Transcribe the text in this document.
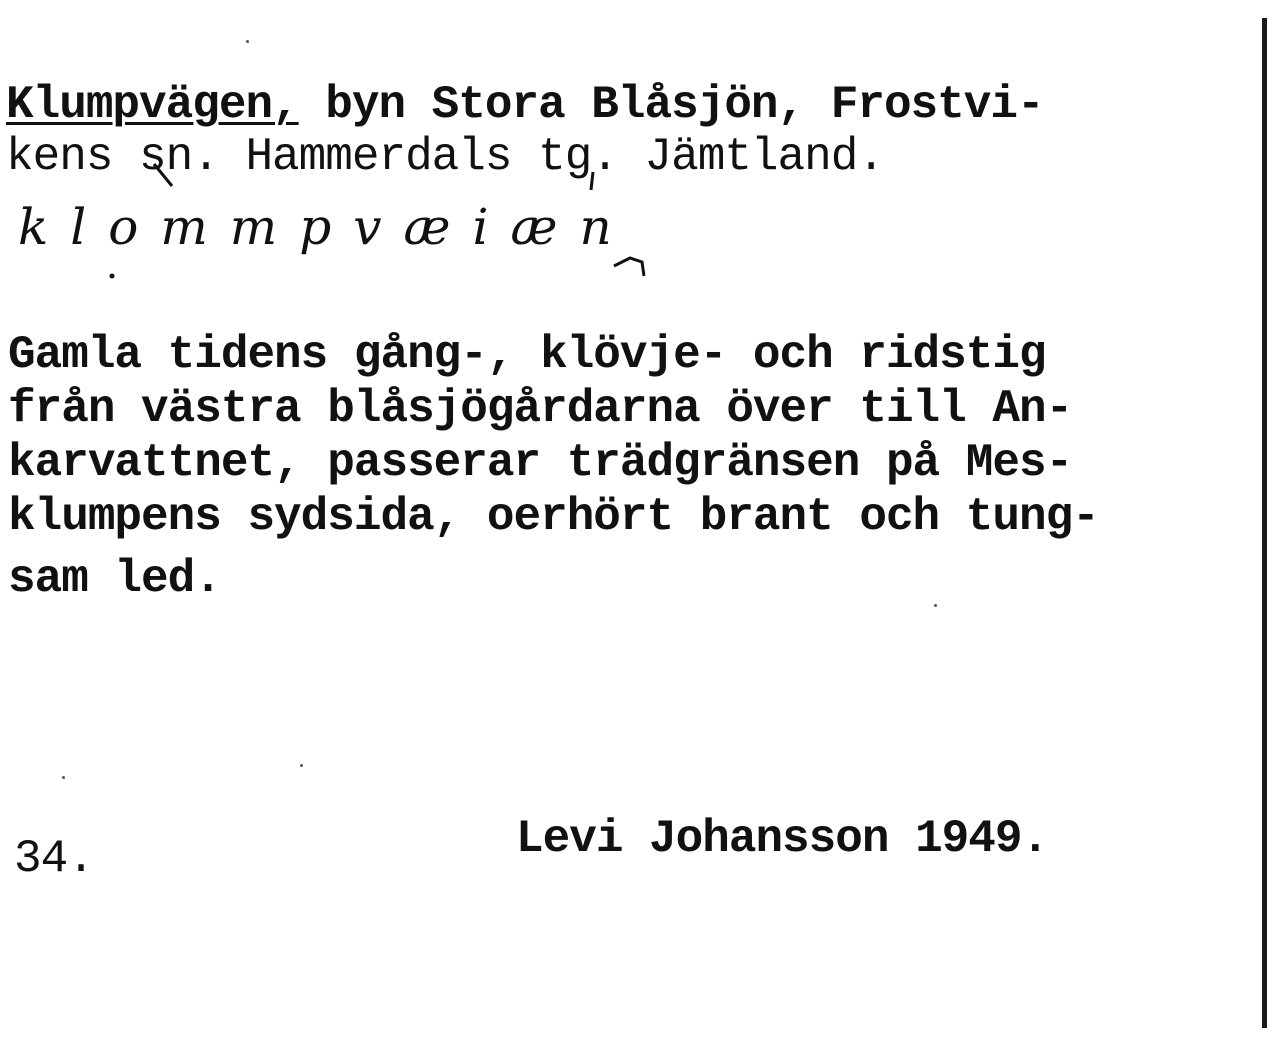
Klumpvägen, byn Stora Blåsjön, Frostvi-
kens sn. Hammerdals tg. Jämtland.
klommpvæiæn
Gamla tidens gång-, klövje- och ridstig
från västra blåsjögårdarna över till An-
karvattnet, passerar trädgränsen på Mes-
klumpens sydsida, oerhört brant och tung-
sam led.
34.	Levi Johansson 1949.
